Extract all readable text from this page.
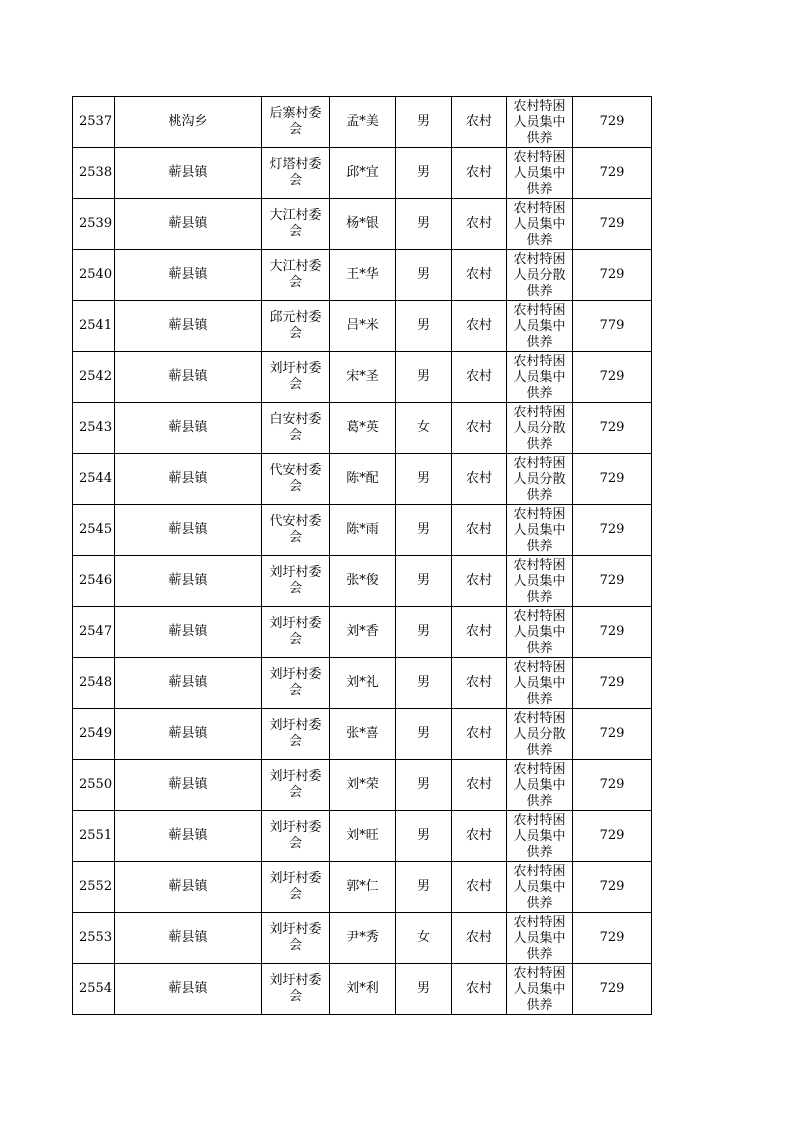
2537	桃沟乡	后寨村委会	孟*美	男	农村	农村特困人员集中供养	729
2538	蕲县镇	灯塔村委会	邱*宜	男	农村	农村特困人员集中供养	729
2539	蕲县镇	大江村委会	杨*银	男	农村	农村特困人员集中供养	729
2540	蕲县镇	大江村委会	王*华	男	农村	农村特困人员分散供养	729
2541	蕲县镇	邱元村委会	吕*米	男	农村	农村特困人员集中供养	779
2542	蕲县镇	刘圩村委会	宋*圣	男	农村	农村特困人员集中供养	729
2543	蕲县镇	白安村委会	葛*英	女	农村	农村特困人员分散供养	729
2544	蕲县镇	代安村委会	陈*配	男	农村	农村特困人员分散供养	729
2545	蕲县镇	代安村委会	陈*雨	男	农村	农村特困人员集中供养	729
2546	蕲县镇	刘圩村委会	张*俊	男	农村	农村特困人员集中供养	729
2547	蕲县镇	刘圩村委会	刘*香	男	农村	农村特困人员集中供养	729
2548	蕲县镇	刘圩村委会	刘*礼	男	农村	农村特困人员集中供养	729
2549	蕲县镇	刘圩村委会	张*喜	男	农村	农村特困人员分散供养	729
2550	蕲县镇	刘圩村委会	刘*荣	男	农村	农村特困人员集中供养	729
2551	蕲县镇	刘圩村委会	刘*旺	男	农村	农村特困人员集中供养	729
2552	蕲县镇	刘圩村委会	郭*仁	男	农村	农村特困人员集中供养	729
2553	蕲县镇	刘圩村委会	尹*秀	女	农村	农村特困人员集中供养	729
2554	蕲县镇	刘圩村委会	刘*利	男	农村	农村特困人员集中供养	729
